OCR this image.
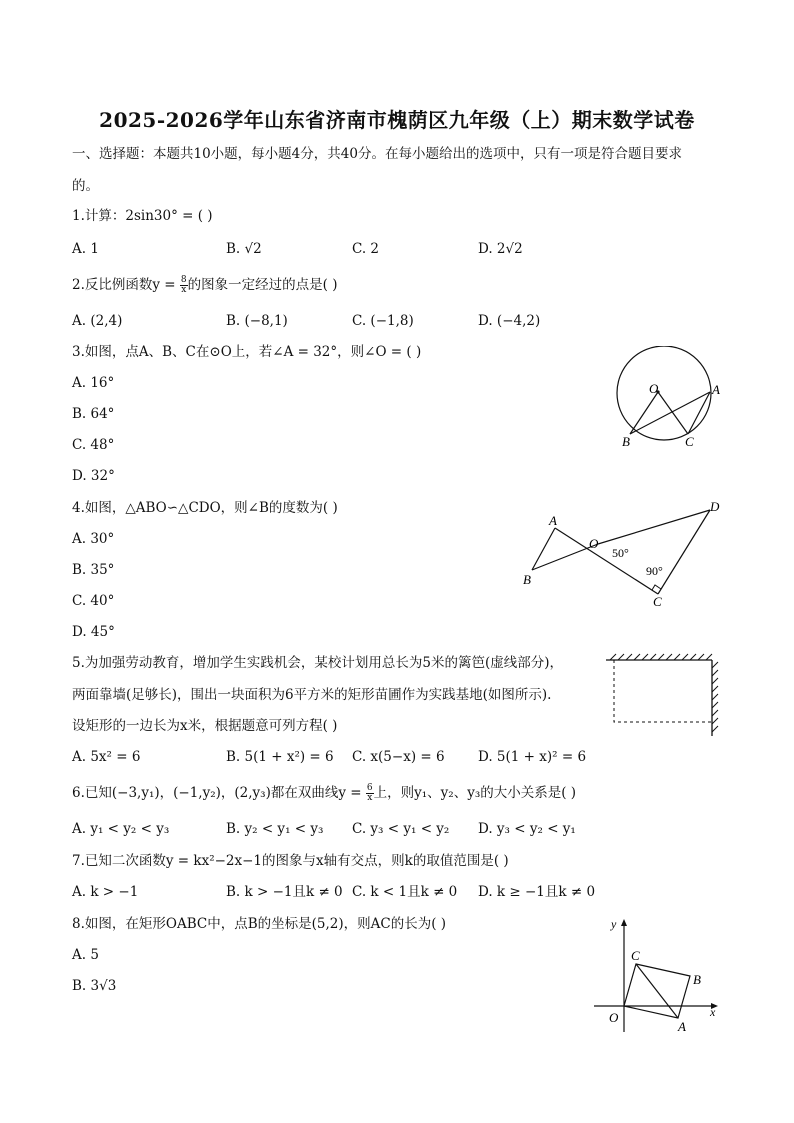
2025-2026学年山东省济南市槐荫区九年级（上）期末数学试卷
一、选择题：本题共10小题，每小题4分，共40分。在每小题给出的选项中，只有一项是符合题目要求
的。
1.计算：2sin30° = ( )
A. 1	B. √2	C. 2	D. 2√2
2.反比例函数$y = \frac{8}{x}$ 的图象一定经过的点是( )
A. (2,4)	B. (−8,1)	C. (−1,8)	D. (−4,2)
3.如图，点A、B、C在⊙O上，若∠A = 32°，则∠O = ( )
A. 16°
B. 64°
C. 48°
D. 32°
O	A
B	C
4.如图，△ABO∽△CDO，则∠B的度数为( )
A. 30°
B. 35°
C. 40°
D. 45°
A
O
B
D
C
50°
90°
5.为加强劳动教育，增加学生实践机会，某校计划用总长为5米的篱笆(虚线部分)，
两面靠墙(足够长)，围出一块面积为6平方米的矩形苗圃作为实践基地(如图所示).
设矩形的一边长为x米，根据题意可列方程( )
A. 5x² = 6	B. 5(1 + x²) = 6 C. x(5−x) = 6 D. 5(1 + x)² = 6
6.已知(−3,y₁)，(−1,y₂)，(2,y₃)都在双曲线$y = \frac{6}{x}$ 上，则y₁、y₂、y₃的大小关系是( )
A. y₁ < y₂ < y₃	B. y₂ < y₁ < y₃ C. y₃ < y₁ < y₂ D. y₃ < y₂ < y₁
7.已知二次函数y = kx²−2x−1的图象与x轴有交点，则k的取值范围是( )
A. k > −1	B. k > −1且k ≠ 0 C. k < 1且k ≠ 0 D. k ≥ −1且k ≠ 0
8.如图，在矩形OABC中，点B的坐标是(5,2)，则AC的长为( )
A. 5
B. 3√3
y
C
B
O
A
x
